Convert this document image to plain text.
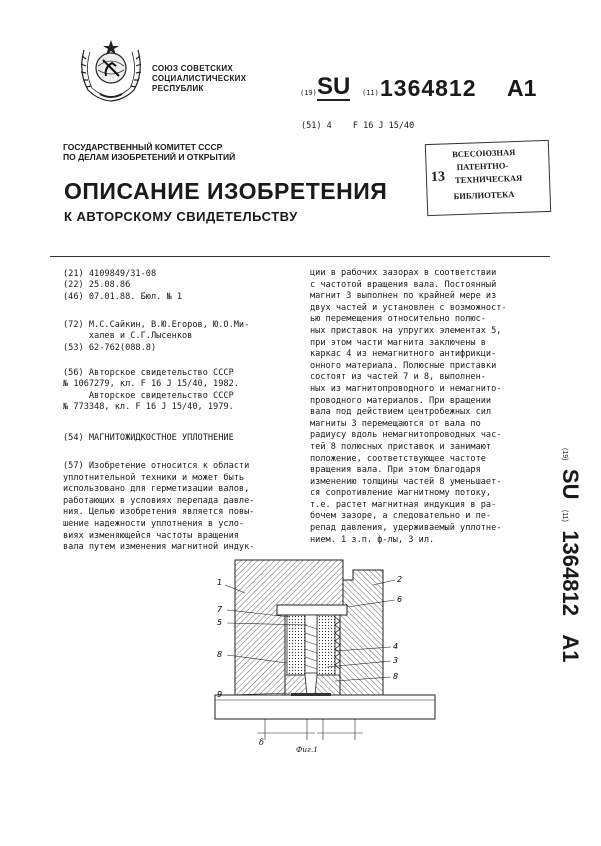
СОЮЗ СОВЕТСКИХ
СОЦИАЛИСТИЧЕСКИХ
РЕСПУБЛИК	(19) SU (11) 1364812 A1
(51) 4 F 16 J 15/40
ГОСУДАРСТВЕННЫЙ КОМИТЕТ СССР
ПО ДЕЛАМ ИЗОБРЕТЕНИЙ И ОТКРЫТИЙ	ВСЕСОЮЗНАЯ
ПАТЕНТНО-
ТЕХНИЧЕСКАЯ
БИБЛИОТЕКА
13
ОПИСАНИЕ ИЗОБРЕТЕНИЯ
К АВТОРСКОМУ СВИДЕТЕЛЬСТВУ
(21) 4109849/31-08
(22) 25.08.86
(46) 07.01.88. Бюл. № 1
(72) М.С.Сайкин, В.Ю.Егоров, Ю.О.Ми-
халев и С.Г.Лысенков
(53) 62-762(088.8)
(56) Авторское свидетельство СССР
№ 1067279, кл. F 16 J 15/40, 1982.
Авторское свидетельство СССР
№ 773348, кл. F 16 J 15/40, 1979.
(54) МАГНИТОЖИДКОСТНОЕ УПЛОТНЕНИЕ
(57) Изобретение относится к области
уплотнительной техники и может быть
использовано для герметизации валов,
работающих в условиях перепада давле-
ния. Целью изобретения является повы-
шение надежности уплотнения в усло-
виях изменяющейся частоты вращения
вала путем изменения магнитной индук-
ции в рабочих зазорах в соответствии
с частотой вращения вала. Постоянный
магнит 3 выполнен по крайней мере из
двух частей и установлен с возможност-
ью перемещения относительно полюс-
ных приставок на упругих элементах 5,
при этом части магнита заключены в
каркас 4 из немагнитного антифрикци-
онного материала. Полюсные приставки
состоят из частей 7 и 8, выполнен-
ных из магнитопроводного и немагнито-
проводного материалов. При вращении
вала под действием центробежных сил
магниты 3 перемещаются от вала по
радиусу вдоль немагнитопроводных час-
тей 8 полюсных приставок и занимают
положение, соответствующее частоте
вращения вала. При этом благодаря
изменению толщины частей 8 уменьшает-
ся сопротивление магнитному потоку,
т.е. растет магнитная индукция в ра-
бочем зазоре, а следовательно и пе-
репад давления, удерживаемый уплотне-
нием. 1 з.п. ф-лы, 3 ил.
(19) SU (11) 1364812 A1
1	2
6
7
5
8
9
4
3
8
δ
Фиг.1
